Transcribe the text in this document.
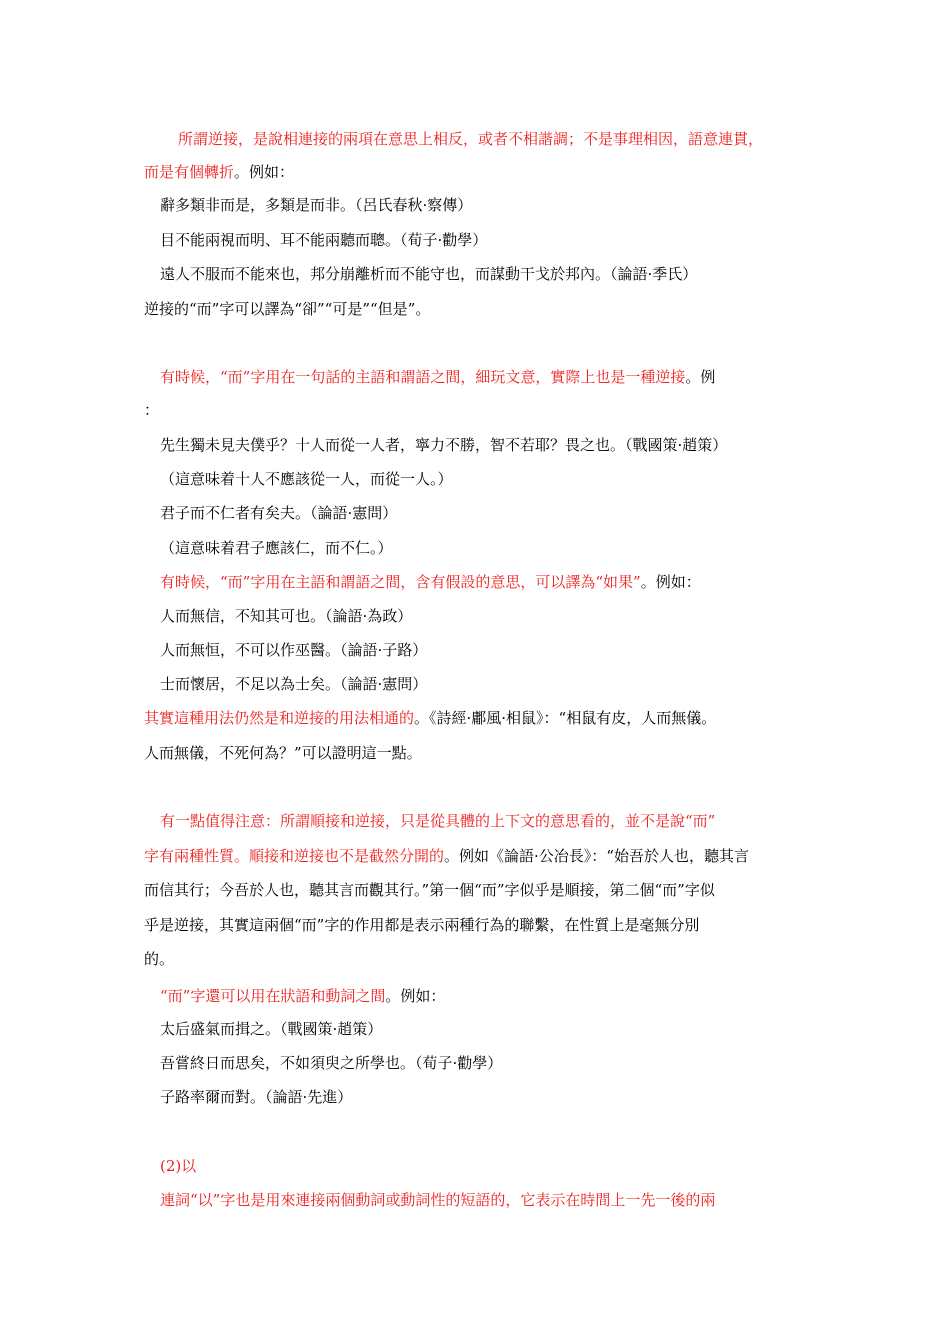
所謂逆接，是說相連接的兩項在意思上相反，或者不相諧調；不是事理相因，語意連貫，
而是有個轉折。例如：
辭多類非而是，多類是而非。（呂氏春秋·察傳）
目不能兩視而明、耳不能兩聽而聰。（荀子·勸學）
遠人不服而不能來也，邦分崩離析而不能守也，而謀動干戈於邦內。（論語·季氏）
逆接的“而”字可以譯為“卻”“可是”“但是”。
有時候，“而”字用在一句話的主語和謂語之間，細玩文意，實際上也是一種逆接。例
：
先生獨未見夫僕乎？十人而從一人者，寧力不勝，智不若耶？畏之也。（戰國策·趙策）
（這意味着十人不應該從一人，而從一人。）
君子而不仁者有矣夫。（論語·憲問）
（這意味着君子應該仁，而不仁。）
有時候，“而”字用在主語和謂語之間，含有假設的意思，可以譯為“如果”。例如：
人而無信，不知其可也。（論語·為政）
人而無恒，不可以作巫醫。（論語·子路）
士而懷居，不足以為士矣。（論語·憲問）
其實這種用法仍然是和逆接的用法相通的。《詩經·鄘風·相鼠》：“相鼠有皮，人而無儀。
人而無儀，不死何為？”可以證明這一點。
有一點值得注意：所謂順接和逆接，只是從具體的上下文的意思看的，並不是說“而”
字有兩種性質。順接和逆接也不是截然分開的。例如《論語·公冶長》：“始吾於人也，聽其言
而信其行；今吾於人也，聽其言而觀其行。”第一個“而”字似乎是順接，第二個“而”字似
乎是逆接，其實這兩個“而”字的作用都是表示兩種行為的聯繫，在性質上是毫無分別
的。
“而”字還可以用在狀語和動詞之間。例如：
太后盛氣而揖之。（戰國策·趙策）
吾嘗終日而思矣，不如須臾之所學也。（荀子·勸學）
子路率爾而對。（論語·先進）
(2)以
連詞“以”字也是用來連接兩個動詞或動詞性的短語的，它表示在時間上一先一後的兩
